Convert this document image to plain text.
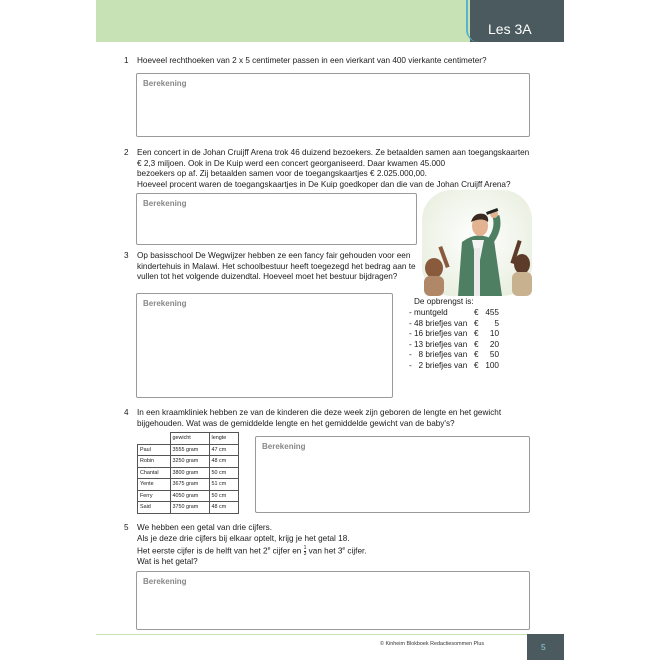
Les 3A
1 Hoeveel rechthoeken van 2 x 5 centimeter passen in een vierkant van 400 vierkante centimeter?
Berekening
2 Een concert in de Johan Cruijff Arena trok 46 duizend bezoekers. Ze betaalden samen aan toegangskaarten
€ 2,3 miljoen. Ook in De Kuip werd een concert georganiseerd. Daar kwamen 45.000
bezoekers op af. Zij betaalden samen voor de toegangskaartjes € 2.025.000,00.
Hoeveel procent waren de toegangskaartjes in De Kuip goedkoper dan die van de Johan Cruijff Arena?
Berekening
3 Op basisschool De Wegwijzer hebben ze een fancy fair gehouden voor een
kindertehuis in Malawi. Het schoolbestuur heeft toegezegd het bedrag aan te
vullen tot het volgende duizendtal. Hoeveel moet het bestuur bijdragen?
Berekening	De opbrengst is:
- muntgeld	€ 455
- 48 briefjes van € 5
- 16 briefjes van € 10
- 13 briefjes van € 20
-   8 briefjes van € 50
-   2 briefjes van € 100
4 In een kraamkliniek hebben ze van de kinderen die deze week zijn geboren de lengte en het gewicht
bijgehouden. Wat was de gemiddelde lengte en het gemiddelde gewicht van de baby's?
	gewicht	lengte
Paul	3555 gram	47 cm
Robin	3250 gram	48 cm
Chantal	3800 gram	50 cm
Yente	3675 gram	51 cm
Ferry	4050 gram	50 cm
Said	3750 gram	48 cm
Berekening
5 We hebben een getal van drie cijfers.
Als je deze drie cijfers bij elkaar optelt, krijg je het getal 18.
Het eerste cijfer is de helft van het 2e cijfer en $\frac{1}{3}$ van het 3e cijfer.
Wat is het getal?
Berekening
© Kinheim Blokboek Redactiesommen Plus	5
